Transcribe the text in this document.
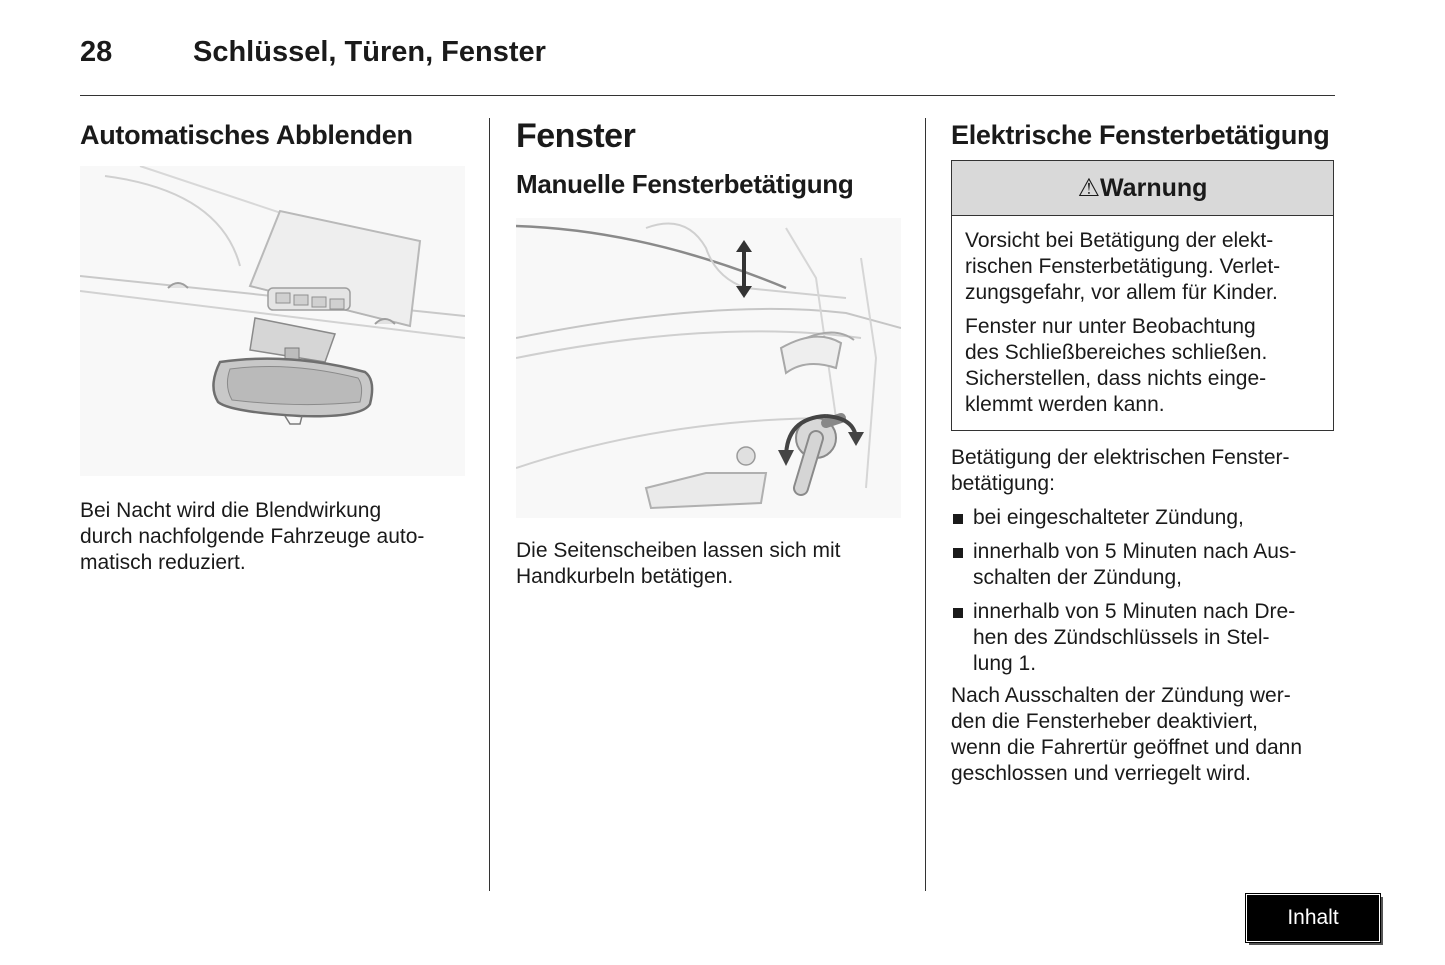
28	Schlüssel, Türen, Fenster
Automatisches Abblenden

Bei Nacht wird die Blendwirkung
durch nachfolgende Fahrzeuge auto-
matisch reduziert.

Fenster
Manuelle Fensterbetätigung

Die Seitenscheiben lassen sich mit
Handkurbeln betätigen.

Elektrische Fensterbetätigung
⚠ Warnung

Vorsicht bei Betätigung der elekt-
rischen Fensterbetätigung. Verlet-
zungsgefahr, vor allem für Kinder.

Fenster nur unter Beobachtung
des Schließbereiches schließen.
Sicherstellen, dass nichts einge-
klemmt werden kann.

Betätigung der elektrischen Fenster-
betätigung:

bei eingeschalteter Zündung,
innerhalb von 5 Minuten nach Aus-
schalten der Zündung,
innerhalb von 5 Minuten nach Dre-
hen des Zündschlüssels in Stel-
lung 1.

Nach Ausschalten der Zündung wer-
den die Fensterheber deaktiviert,
wenn die Fahrertür geöffnet und dann
geschlossen und verriegelt wird.

Inhalt
